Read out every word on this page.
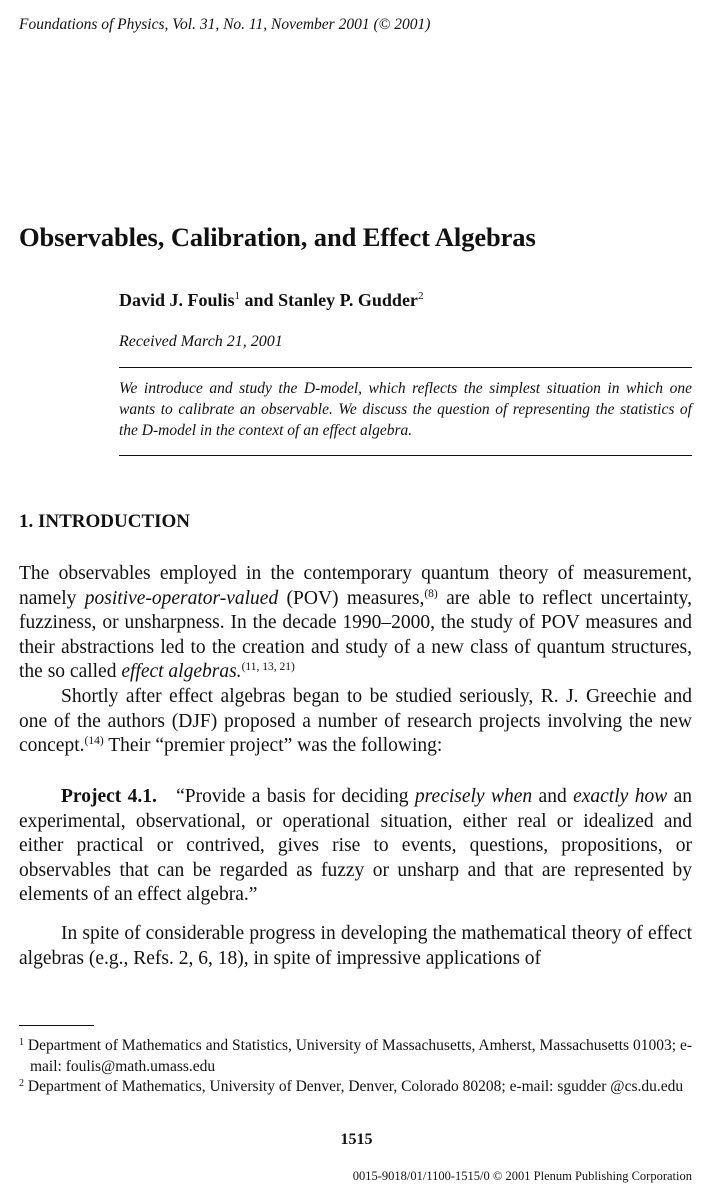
Foundations of Physics, Vol. 31, No. 11, November 2001 (© 2001)
Observables, Calibration, and Effect Algebras
David J. Foulis$^1$ and Stanley P. Gudder$^2$
Received March 21, 2001
We introduce and study the D-model, which reflects the simplest situation in which one wants to calibrate an observable. We discuss the question of representing the statistics of the D-model in the context of an effect algebra.
1. INTRODUCTION

The observables employed in the contemporary quantum theory of measurement, namely positive-operator-valued (POV) measures,$^{(8)}$ are able to reflect uncertainty, fuzziness, or unsharpness. In the decade 1990–2000, the study of POV measures and their abstractions led to the creation and study of a new class of quantum structures, the so called effect algebras.$^{(11, 13, 21)}$

Shortly after effect algebras began to be studied seriously, R. J. Greechie and one of the authors (DJF) proposed a number of research projects involving the new concept.$^{(14)}$ Their “premier project” was the following:

Project 4.1.   “Provide a basis for deciding precisely when and exactly how an experimental, observational, or operational situation, either real or idealized and either practical or contrived, gives rise to events, questions, propositions, or observables that can be regarded as fuzzy or unsharp and that are represented by elements of an effect algebra.”

In spite of considerable progress in developing the mathematical theory of effect algebras (e.g., Refs. 2, 6, 18), in spite of impressive applications of

$^1$ Department of Mathematics and Statistics, University of Massachusetts, Amherst, Massachusetts 01003; e-mail: foulis@math.umass.edu
$^2$ Department of Mathematics, University of Denver, Denver, Colorado 80208; e-mail: sgudder @cs.du.edu
1515
0015-9018/01/1100-1515/0 © 2001 Plenum Publishing Corporation
